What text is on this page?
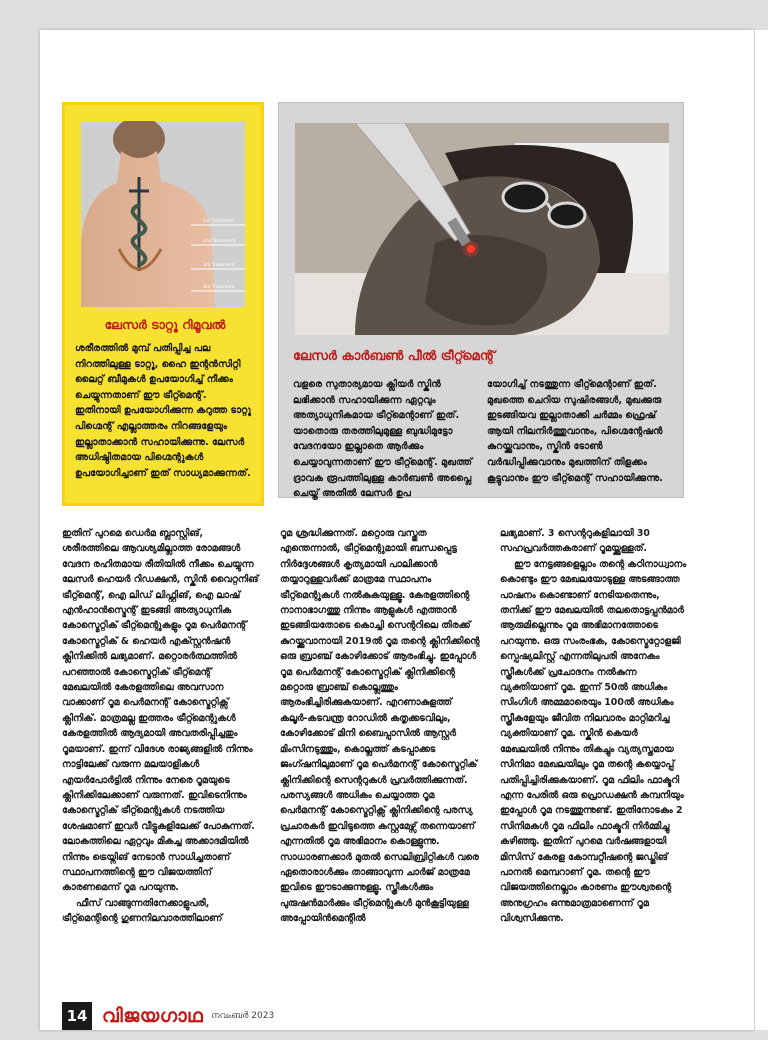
1st Treatment
2nd Treatment
3rd Treatment
4th Treatment
ലേസർ ടാറ്റൂ റിമൂവൽ

ശരീരത്തിൽ മുമ്പ് പതിപ്പിച്ച പല നിറത്തിലുള്ള ടാറ്റൂ, ഹൈ ഇന്റൻസിറ്റി ലൈറ്റ് ബീമുകൾ ഉപയോഗിച്ച് നീക്കം ചെയ്യുന്നതാണ് ഈ ട്രീറ്റ്മെന്റ്. ഇതിനായി ഉപയോഗിക്കുന്ന കറുത്ത ടാറ്റൂ പിഗ്മെന്റ് എല്ലാത്തരം നിറങ്ങളേയും ഇല്ലാതാക്കാൻ സഹായിക്കുന്നു. ലേസർ അധിഷ്ഠിതമായ പിഗ്മെന്റുകൾ ഉപയോഗിച്ചാണ് ഇത് സാധ്യമാക്കുന്നത്.

ലേസർ കാർബൺ പീൽ ട്രീറ്റ്മെന്റ്

വളരെ സുതാര്യമായ ക്ലിയർ സ്കിൻ ലഭിക്കാൻ സഹായിക്കുന്ന ഏറ്റവും അത്യാധുനികമായ ട്രീറ്റ്മെന്റാണ് ഇത്. യാതൊരു തരത്തിലുമുള്ള ബുദ്ധിമുട്ടോ വേദനയോ ഇല്ലാതെ ആർക്കും ചെയ്യാവുന്നതാണ് ഈ ട്രീറ്റ്മെന്റ്. മുഖത്ത് ദ്രാവക രൂപത്തിലുള്ള കാർബൺ അപ്ലൈ ചെയ്ത് അതിൽ ലേസർ ഉപ

യോഗിച്ച് നടത്തുന്ന ട്രീറ്റ്മെന്റാണ് ഇത്. മുഖത്തെ ചെറിയ സുഷിരങ്ങൾ, മുഖക്കുരു ഇടങ്ങിയവ ഇല്ലാതാക്കി ചർമ്മം ഫ്രെഷ് ആയി നിലനിർത്തുവാനും, പിഗ്മെന്റേഷൻ കുറയ്ക്കുവാനും, സ്കിൻ ടോൺ വർദ്ധിപ്പിക്കുവാനും മുഖത്തിന് തിളക്കം കൂട്ടുവാനും ഈ ട്രീറ്റ്മെന്റ് സഹായിക്കുന്നു.

ഇതിന് പുറമെ ഡെർമ ബ്ലാസ്റ്റിങ്, ശരീരത്തിലെ ആവശ്യമില്ലാത്ത രോമങ്ങൾ വേദന രഹിതമായ രീതിയിൽ നീക്കം ചെയ്യുന്ന ലേസർ ഹെയർ റിഡക്ഷൻ, സ്കിൻ വൈറ്റനിങ് ട്രീറ്റ്മെന്റ്, ഐ ലിഡ് ലിഫ്റ്റിങ്, ഐ ലാഷ് എൻഹാൻസ്മെന്റ് ഇടങ്ങി അത്യാധുനിക കോസ്മെറ്റിക് ട്രീറ്റ്മെന്റുകളും റൂമ പെർമനന്റ് കോസ്മെറ്റിക് & ഹെയർ എക്സ്റ്റൻഷൻ ക്ലിനിക്കിൽ ലഭ്യമാണ്. മറ്റൊരർത്ഥത്തിൽ പറഞ്ഞാൽ കോസ്മെറ്റിക് ട്രീറ്റ്മെന്റ് മേഖലയിൽ കേരളത്തിലെ അവസാന വാക്കാണ് റൂമ പെർമനന്റ് കോസ്മെറ്റിക്സ് ക്ലിനിക്. മാത്രമല്ല ഇത്തരം ട്രീറ്റ്മെന്റുകൾ കേരളത്തിൽ ആദ്യമായി അവതരിപ്പിച്ചതും റൂമയാണ്. ഇന്ന് വിദേശ രാജ്യങ്ങളിൽ നിന്നും നാട്ടിലേക്ക് വരുന്ന മലയാളികൾ എയർപോർട്ടിൽ നിന്നും നേരെ റൂമയുടെ ക്ലിനിക്കിലേക്കാണ് വരുന്നത്. ഇവിടെനിന്നും കോസ്മെറ്റിക് ട്രീറ്റ്മെന്റുകൾ നടത്തിയ ശേഷമാണ് ഇവർ വീട്ടുകളിലേക്ക് പോകുന്നത്. ലോകത്തിലെ ഏറ്റവും മികച്ച അക്കാദമിയിൽ നിന്നും ട്രെയ്നിങ് നേടാൻ സാധിച്ചതാണ് സ്ഥാപനത്തിന്റെ ഈ വിജയത്തിന് കാരണമെന്ന് റൂമ പറയുന്നു.

ഫീസ് വാങ്ങുന്നതിനേക്കാളുപരി, ട്രീറ്റ്മെന്റിന്റെ ഗുണനിലവാരത്തിലാണ്

റൂമ ശ്രദ്ധിക്കുന്നത്. മറ്റൊരു വസ്തുത എന്തെന്നാൽ, ട്രീറ്റ്മെന്റുമായി ബന്ധപ്പെട്ട നിർദ്ദേശങ്ങൾ കൃത്യമായി പാലിക്കാൻ തയ്യാറുള്ളവർക്ക് മാത്രമേ സ്ഥാപനം ട്രീറ്റ്മെന്റുകൾ നൽകുകയുള്ളൂ. കേരളത്തിന്റെ നാനാഭാഗത്തു നിന്നും ആളുകൾ എത്താൻ ഇടങ്ങിയതോടെ കൊച്ചി സെന്ററിലെ തിരക്ക് കുറയ്ക്കുവാനായി 2019ൽ റൂമ തന്റെ ക്ലിനിക്കിന്റെ ഒരു ബ്രാഞ്ച് കോഴിക്കോട് ആരംഭിച്ചു. ഇപ്പോൾ റൂമ പെർമനന്റ് കോസ്മെറ്റിക് ക്ലിനിക്കിന്റെ മറ്റൊരു ബ്രാഞ്ച് കൊല്ലത്തും ആരംഭിച്ചിരിക്കുകയാണ്. എറണാകുളത്ത് കലൂർ-കടവന്ത്ര റോഡിൽ കതൃക്കടവിലും, കോഴിക്കോട് മിനി ബൈപ്പാസിൽ ആസ്റ്റർ മിംസിനടുത്തും, കൊല്ലത്ത് കടപ്പാക്കട ജംഗ്ഷനിലുമാണ് റൂമ പെർമനന്റ് കോസ്മെറ്റിക് ക്ലിനിക്കിന്റെ സെന്ററുകൾ പ്രവർത്തിക്കുന്നത്. പരസ്യങ്ങൾ അധികം ചെയ്യാത്ത റൂമ പെർമനന്റ് കോസ്മെറ്റിക്സ് ക്ലിനിക്കിന്റെ പരസ്യ പ്രചാരകർ ഇവിടുത്തെ കസ്റ്റമേഴ്സ് തന്നെയാണ് എന്നതിൽ റൂമ അഭിമാനം കൊള്ളുന്നു. സാധാരണക്കാർ മുതൽ സെലിബ്രിറ്റികൾ വരെ ഏതൊരാൾക്കും താങ്ങാവുന്ന ചാർജ് മാത്രമേ ഇവിടെ ഈടാക്കുന്നുള്ളൂ. സ്ത്രീകൾക്കും പുരുഷൻമാർക്കും ട്രീറ്റ്മെന്റുകൾ മുൻകൂട്ടിയുള്ള അപ്പോയിൻമെന്റിൽ

ലഭ്യമാണ്. 3 സെന്ററുകളിലായി 30 സഹപ്രവർത്തകരാണ് റൂമയ്ക്കുള്ളത്.

ഈ നേട്ടങ്ങളെല്ലാം തന്റെ കഠിനാധ്വാനം കൊണ്ടും ഈ മേഖലയോടുള്ള അടങ്ങാത്ത പാഷനം കൊണ്ടാണ് നേടിയതെന്നും, തനിക്ക് ഈ മേഖലയിൽ തലതൊട്ടപ്പൻമാർ ആരുമില്ലെന്നും റൂമ അഭിമാനത്തോടെ പറയുന്നു. ഒരു സംരംഭക, കോസ്മെറ്റോളജി സ്പെഷ്യലിസ്റ്റ് എന്നതിലുപരി അനേകം സ്ത്രീകൾക്ക് പ്രചോദനം നൽകുന്ന വ്യക്തിയാണ് റൂമ. ഇന്ന് 50ൽ അധികം സിംഗിൾ അമ്മമാരെയും 100ൽ അധികം സ്ത്രീകളേയും ജീവിത നിലവാരം മാറ്റിമറിച്ച വ്യക്തിയാണ് റൂമ. സ്കിൻ കെയർ മേഖലയിൽ നിന്നും തികച്ചും വ്യത്യസ്തമായ സിനിമാ മേഖലയിലും റൂമ തന്റെ കയ്യൊപ്പ് പതിപ്പിച്ചിരിക്കുകയാണ്. റൂമ ഫിലിം ഫാക്ടറി എന്ന പേരിൽ ഒരു പ്രൊഡക്ഷൻ കമ്പനിയും ഇപ്പോൾ റൂമ നടത്തുന്നുണ്ട്. ഇതിനോടകം 2 സിനിമകൾ റൂമ ഫിലിം ഫാക്ടറി നിർമ്മിച്ചു കഴിഞ്ഞു. ഇതിന് പുറമെ വർഷങ്ങളായി മിസിസ് കേരള കോമ്പറ്റീഷന്റെ ജഡ്ജിങ് പാനൽ മെമ്പറാണ് റൂമ. തന്റെ ഈ വിജയത്തിനെല്ലാം കാരണം ഈശ്വരന്റെ അനുഗ്രഹം ഒന്നുമാത്രമാണെന്ന് റൂമ വിശ്വസിക്കുന്നു.

14 വിജയഗാഥ നവംബർ 2023
